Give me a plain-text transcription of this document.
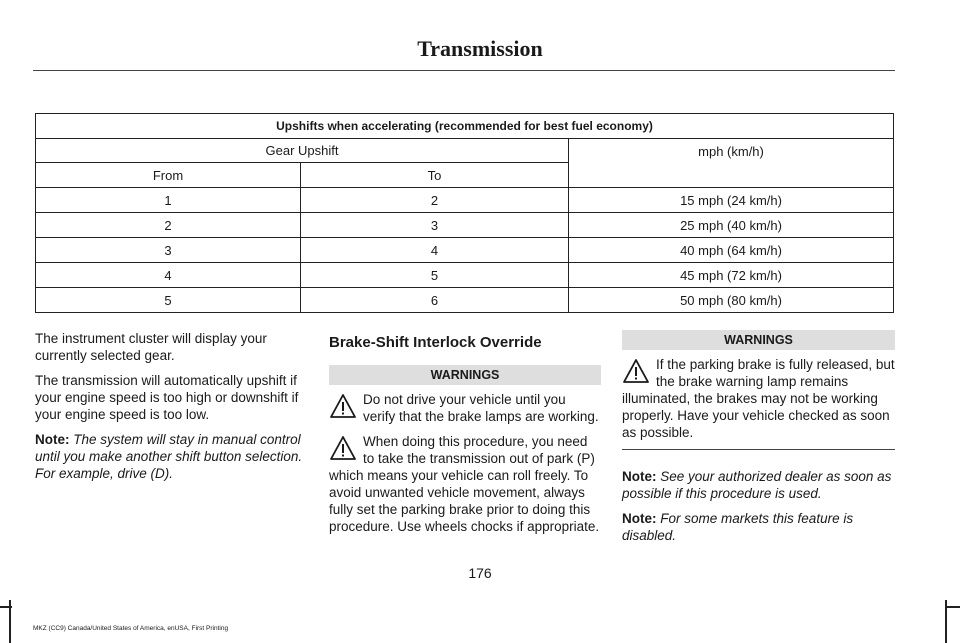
Transmission
Upshifts when accelerating (recommended for best fuel economy)		
Gear Upshift		mph (km/h)
From	To	
1	2	15 mph (24 km/h)
2	3	25 mph (40 km/h)
3	4	40 mph (64 km/h)
4	5	45 mph (72 km/h)
5	6	50 mph (80 km/h)

The instrument cluster will display your currently selected gear.

The transmission will automatically upshift if your engine speed is too high or downshift if your engine speed is too low.

Note: The system will stay in manual control until you make another shift button selection. For example, drive (D).

Brake-Shift Interlock Override
WARNINGS
Do not drive your vehicle until you verify that the brake lamps are working.
When doing this procedure, you need to take the transmission out of park (P) which means your vehicle can roll freely. To avoid unwanted vehicle movement, always fully set the parking brake prior to doing this procedure. Use wheels chocks if appropriate.
WARNINGS
If the parking brake is fully released, but the brake warning lamp remains illuminated, the brakes may not be working properly. Have your vehicle checked as soon as possible.

Note: See your authorized dealer as soon as possible if this procedure is used.

Note: For some markets this feature is disabled.

176
MKZ (CC9) Canada/United States of America, enUSA, First Printing
